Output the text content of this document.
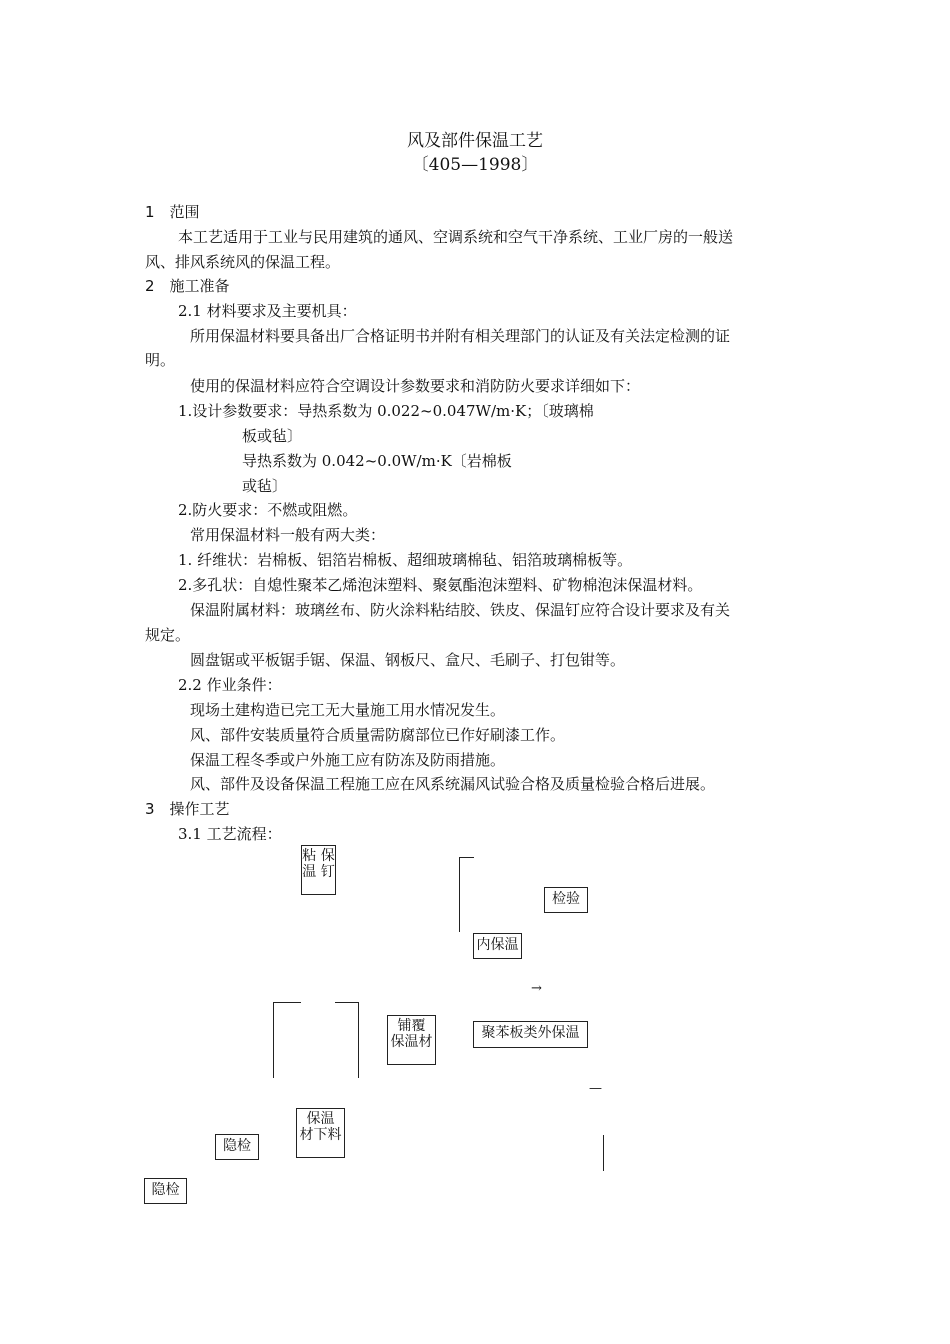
风及部件保温工艺
〔405—1998〕
1　范围
本工艺适用于工业与民用建筑的通风、空调系统和空气干净系统、工业厂房的一般送
风、排风系统风的保温工程。
2　施工准备
2.1 材料要求及主要机具：
所用保温材料要具备出厂合格证明书并附有相关理部门的认证及有关法定检测的证
明。
使用的保温材料应符合空调设计参数要求和消防防火要求详细如下：
1.设计参数要求：导热系数为 0.022~0.047W/m·K；〔玻璃棉
板或毡〕
导热系数为 0.042~0.0W/m·K〔岩棉板
或毡〕
2.防火要求：不燃或阻燃。
常用保温材料一般有两大类：
1. 纤维状：岩棉板、铝箔岩棉板、超细玻璃棉毡、铝箔玻璃棉板等。
2.多孔状：自熄性聚苯乙烯泡沫塑料、聚氨酯泡沫塑料、矿物棉泡沫保温材料。
保温附属材料：玻璃丝布、防火涂料粘结胶、铁皮、保温钉应符合设计要求及有关
规定。
圆盘锯或平板锯手锯、保温、钢板尺、盒尺、毛刷子、打包钳等。
2.2 作业条件：
现场土建构造已完工无大量施工用水情况发生。
风、部件安装质量符合质量需防腐部位已作好刷漆工作。
保温工程冬季或户外施工应有防冻及防雨措施。
风、部件及设备保温工程施工应在风系统漏风试验合格及质量检验合格后进展。
3　操作工艺
3.1 工艺流程：
粘 保
温 钉
检验
内保温
铺覆
保温材
聚苯板类外保温
保温
材下料
隐检
隐检
→
—
